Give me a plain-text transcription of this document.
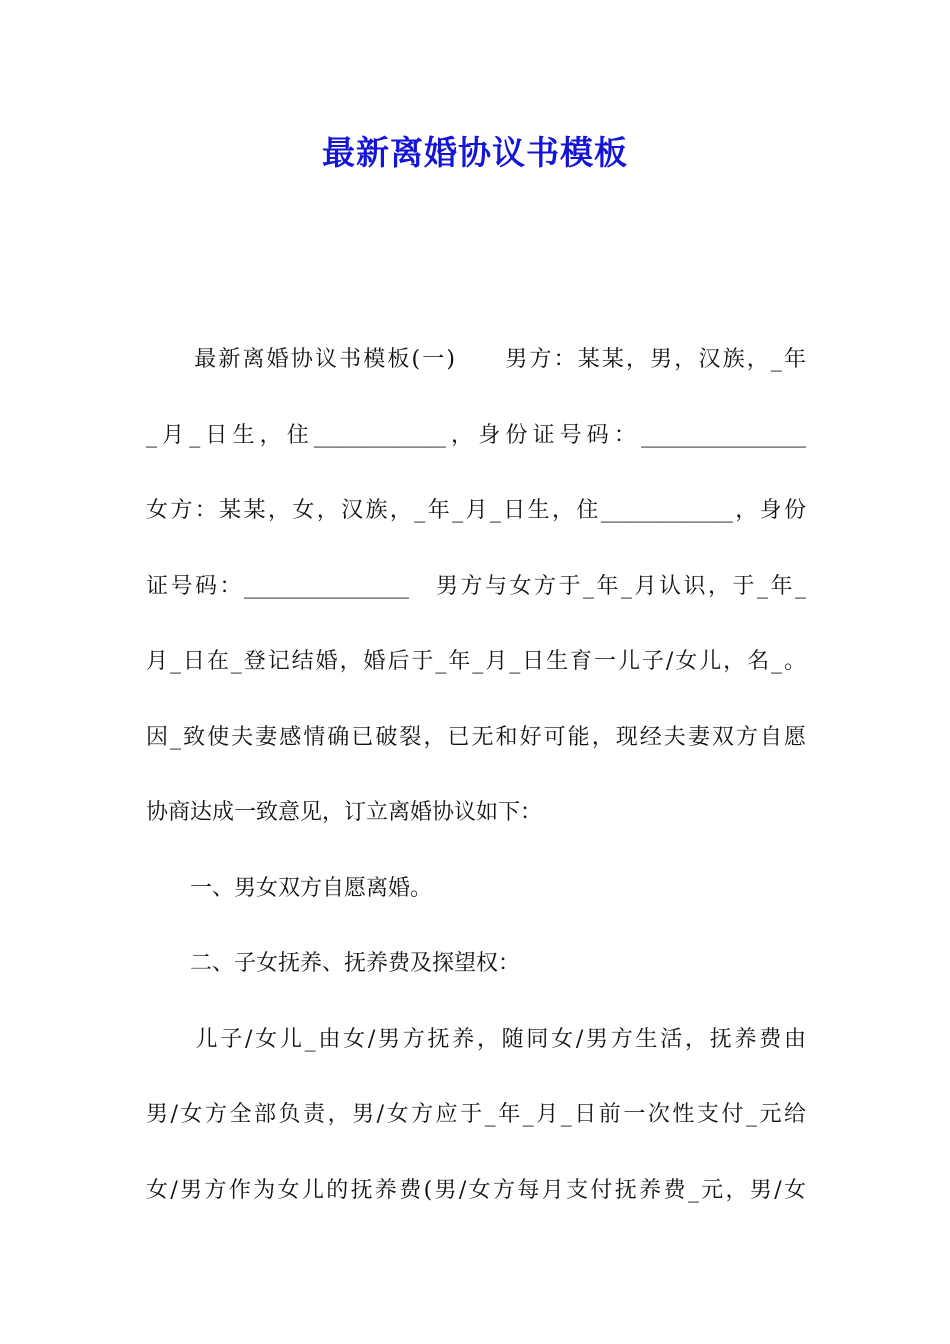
最新离婚协议书模板
　　最新离婚协议书模板(一)　　男方：某某，男，汉族，_年
_月_日生，住____________，身份证号码：_______________
女方：某某，女，汉族，_年_月_日生，住____________，身份
证号码：_______________　男方与女方于_年_月认识，于_年_
月_日在_登记结婚，婚后于_年_月_日生育一儿子/女儿，名_。
因_致使夫妻感情确已破裂，已无和好可能，现经夫妻双方自愿
协商达成一致意见，订立离婚协议如下：
　　一、男女双方自愿离婚。
　　二、子女抚养、抚养费及探望权：
　　儿子/女儿_由女/男方抚养，随同女/男方生活，抚养费由
男/女方全部负责，男/女方应于_年_月_日前一次性支付_元给
女/男方作为女儿的抚养费(男/女方每月支付抚养费_元，男/女
